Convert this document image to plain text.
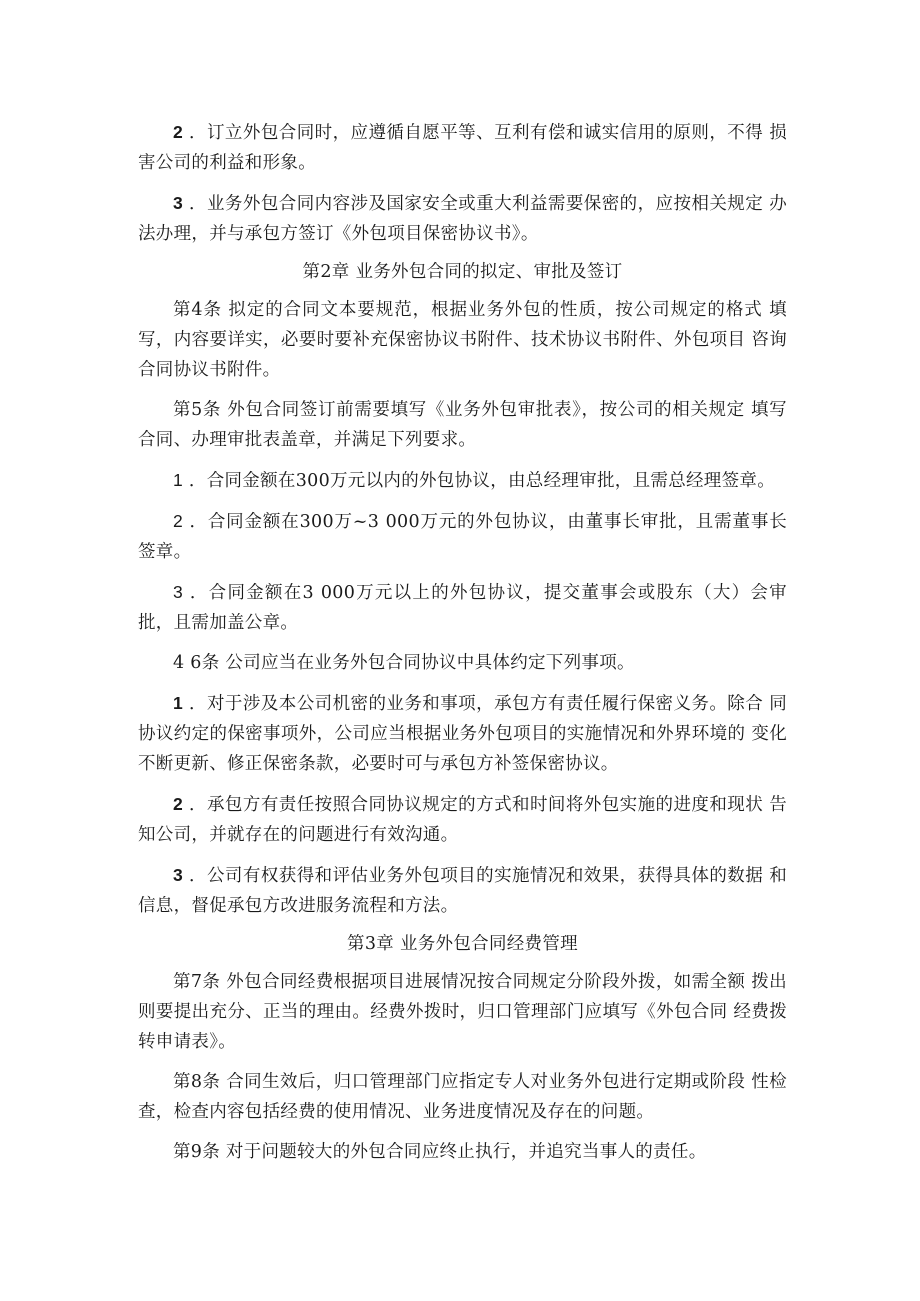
2 ．订立外包合同时，应遵循自愿平等、互利有偿和诚实信用的原则，不得 损害公司的利益和形象。

3 ．业务外包合同内容涉及国家安全或重大利益需要保密的，应按相关规定 办法办理，并与承包方签订《外包项目保密协议书》。

第2章 业务外包合同的拟定、审批及签订

第4条 拟定的合同文本要规范，根据业务外包的性质，按公司规定的格式 填写，内容要详实，必要时要补充保密协议书附件、技术协议书附件、外包项目 咨询合同协议书附件。

第5条 外包合同签订前需要填写《业务外包审批表》，按公司的相关规定 填写合同、办理审批表盖章，并满足下列要求。

1 ．合同金额在300万元以内的外包协议，由总经理审批，且需总经理签章。

2 ．合同金额在300万~3 000万元的外包协议，由董事长审批，且需董事长 签章。

3 ．合同金额在3 000万元以上的外包协议，提交董事会或股东（大）会审 批，且需加盖公章。

4 6条 公司应当在业务外包合同协议中具体约定下列事项。

1 ．对于涉及本公司机密的业务和事项，承包方有责任履行保密义务。除合 同协议约定的保密事项外，公司应当根据业务外包项目的实施情况和外界环境的 变化不断更新、修正保密条款，必要时可与承包方补签保密协议。

2 ．承包方有责任按照合同协议规定的方式和时间将外包实施的进度和现状 告知公司，并就存在的问题进行有效沟通。

3 ．公司有权获得和评估业务外包项目的实施情况和效果，获得具体的数据 和信息，督促承包方改进服务流程和方法。

第3章 业务外包合同经费管理

第7条 外包合同经费根据项目进展情况按合同规定分阶段外拨，如需全额 拨出则要提出充分、正当的理由。经费外拨时，归口管理部门应填写《外包合同 经费拨转申请表》。

第8条 合同生效后，归口管理部门应指定专人对业务外包进行定期或阶段 性检查，检查内容包括经费的使用情况、业务进度情况及存在的问题。

第9条 对于问题较大的外包合同应终止执行，并追究当事人的责任。
